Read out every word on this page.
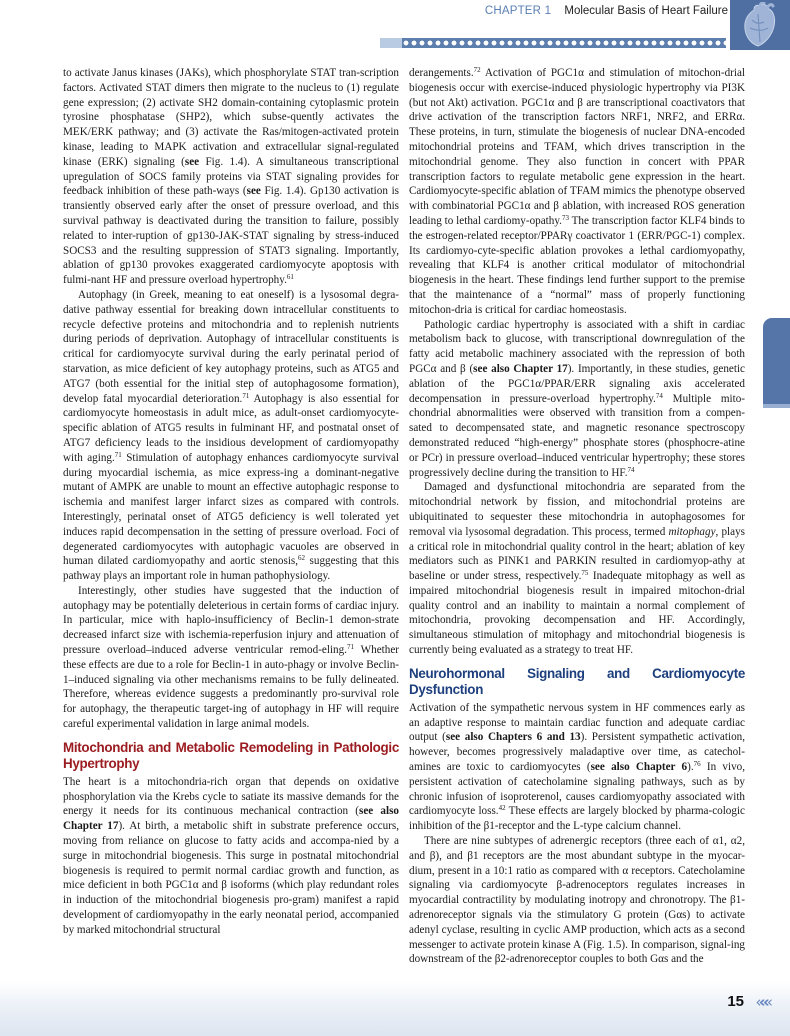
CHAPTER 1 Molecular Basis of Heart Failure

to activate Janus kinases (JAKs), which phosphorylate STAT tran-scription factors. Activated STAT dimers then migrate to the nucleus to (1) regulate gene expression; (2) activate SH2 domain-containing cytoplasmic protein tyrosine phosphatase (SHP2), which subse-quently activates the MEK/ERK pathway; and (3) activate the Ras/mitogen-activated protein kinase, leading to MAPK activation and extracellular signal-regulated kinase (ERK) signaling (see Fig. 1.4). A simultaneous transcriptional upregulation of SOCS family proteins via STAT signaling provides for feedback inhibition of these path-ways (see Fig. 1.4). Gp130 activation is transiently observed early after the onset of pressure overload, and this survival pathway is deactivated during the transition to failure, possibly related to inter-ruption of gp130-JAK-STAT signaling by stress-induced SOCS3 and the resulting suppression of STAT3 signaling. Importantly, ablation of gp130 provokes exaggerated cardiomyocyte apoptosis with fulmi-nant HF and pressure overload hypertrophy.$^{61}$

Autophagy (in Greek, meaning to eat oneself) is a lysosomal degra-dative pathway essential for breaking down intracellular constituents to recycle defective proteins and mitochondria and to replenish nutrients during periods of deprivation. Autophagy of intracellular constituents is critical for cardiomyocyte survival during the early perinatal period of starvation, as mice deficient of key autophagy proteins, such as ATG5 and ATG7 (both essential for the initial step of autophagosome formation), develop fatal myocardial deterioration.$^{71}$ Autophagy is also essential for cardiomyocyte homeostasis in adult mice, as adult-onset cardiomyocyte-specific ablation of ATG5 results in fulminant HF, and postnatal onset of ATG7 deficiency leads to the insidious development of cardiomyopathy with aging.$^{71}$ Stimulation of autophagy enhances cardiomyocyte survival during myocardial ischemia, as mice express-ing a dominant-negative mutant of AMPK are unable to mount an effective autophagic response to ischemia and manifest larger infarct sizes as compared with controls. Interestingly, perinatal onset of ATG5 deficiency is well tolerated yet induces rapid decompensation in the setting of pressure overload. Foci of degenerated cardiomyocytes with autophagic vacuoles are observed in human dilated cardiomyopathy and aortic stenosis,$^{62}$ suggesting that this pathway plays an important role in human pathophysiology.

Interestingly, other studies have suggested that the induction of autophagy may be potentially deleterious in certain forms of cardiac injury. In particular, mice with haplo-insufficiency of Beclin-1 demon-strate decreased infarct size with ischemia-reperfusion injury and attenuation of pressure overload–induced adverse ventricular remod-eling.$^{71}$ Whether these effects are due to a role for Beclin-1 in auto-phagy or involve Beclin-1–induced signaling via other mechanisms remains to be fully delineated. Therefore, whereas evidence suggests a predominantly pro-survival role for autophagy, the therapeutic target-ing of autophagy in HF will require careful experimental validation in large animal models.

Mitochondria and Metabolic Remodeling in Pathologic Hypertrophy

The heart is a mitochondria-rich organ that depends on oxidative phosphorylation via the Krebs cycle to satiate its massive demands for the energy it needs for its continuous mechanical contraction (see also Chapter 17). At birth, a metabolic shift in substrate preference occurs, moving from reliance on glucose to fatty acids and accompa-nied by a surge in mitochondrial biogenesis. This surge in postnatal mitochondrial biogenesis is required to permit normal cardiac growth and function, as mice deficient in both PGC1α and β isoforms (which play redundant roles in induction of the mitochondrial biogenesis pro-gram) manifest a rapid development of cardiomyopathy in the early neonatal period, accompanied by marked mitochondrial structural

derangements.$^{72}$ Activation of PGC1α and stimulation of mitochon-drial biogenesis occur with exercise-induced physiologic hypertrophy via PI3K (but not Akt) activation. PGC1α and β are transcriptional coactivators that drive activation of the transcription factors NRF1, NRF2, and ERRα. These proteins, in turn, stimulate the biogenesis of nuclear DNA-encoded mitochondrial proteins and TFAM, which drives transcription in the mitochondrial genome. They also function in concert with PPAR transcription factors to regulate metabolic gene expression in the heart. Cardiomyocyte-specific ablation of TFAM mimics the phenotype observed with combinatorial PGC1α and β ablation, with increased ROS generation leading to lethal cardiomy-opathy.$^{73}$ The transcription factor KLF4 binds to the estrogen-related receptor/PPARγ coactivator 1 (ERR/PGC-1) complex. Its cardiomyo-cyte-specific ablation provokes a lethal cardiomyopathy, revealing that KLF4 is another critical modulator of mitochondrial biogenesis in the heart. These findings lend further support to the premise that the maintenance of a “normal” mass of properly functioning mitochon-dria is critical for cardiac homeostasis.

Pathologic cardiac hypertrophy is associated with a shift in cardiac metabolism back to glucose, with transcriptional downregulation of the fatty acid metabolic machinery associated with the repression of both PGCα and β (see also Chapter 17). Importantly, in these studies, genetic ablation of the PGC1α/PPAR/ERR signaling axis accelerated decompensation in pressure-overload hypertrophy.$^{74}$ Multiple mito-chondrial abnormalities were observed with transition from a compen-sated to decompensated state, and magnetic resonance spectroscopy demonstrated reduced “high-energy” phosphate stores (phosphocre-atine or PCr) in pressure overload–induced ventricular hypertrophy; these stores progressively decline during the transition to HF.$^{74}$

Damaged and dysfunctional mitochondria are separated from the mitochondrial network by fission, and mitochondrial proteins are ubiquitinated to sequester these mitochondria in autophagosomes for removal via lysosomal degradation. This process, termed mitophagy, plays a critical role in mitochondrial quality control in the heart; ablation of key mediators such as PINK1 and PARKIN resulted in cardiomyop-athy at baseline or under stress, respectively.$^{75}$ Inadequate mitophagy as well as impaired mitochondrial biogenesis result in impaired mitochon-drial quality control and an inability to maintain a normal complement of mitochondria, provoking decompensation and HF. Accordingly, simultaneous stimulation of mitophagy and mitochondrial biogenesis is currently being evaluated as a strategy to treat HF.

Neurohormonal Signaling and Cardiomyocyte Dysfunction

Activation of the sympathetic nervous system in HF commences early as an adaptive response to maintain cardiac function and adequate cardiac output (see also Chapters 6 and 13). Persistent sympathetic activation, however, becomes progressively maladaptive over time, as catechol-amines are toxic to cardiomyocytes (see also Chapter 6).$^{76}$ In vivo, persistent activation of catecholamine signaling pathways, such as by chronic infusion of isoproterenol, causes cardiomyopathy associated with cardiomyocyte loss.$^{42}$ These effects are largely blocked by pharma-cologic inhibition of the β1-receptor and the L-type calcium channel.

There are nine subtypes of adrenergic receptors (three each of α1, α2, and β), and β1 receptors are the most abundant subtype in the myocar-dium, present in a 10:1 ratio as compared with α receptors. Catecholamine signaling via cardiomyocyte β-adrenoceptors regulates increases in myocardial contractility by modulating inotropy and chronotropy. The β1-adrenoreceptor signals via the stimulatory G protein (Gαs) to activate adenyl cyclase, resulting in cyclic AMP production, which acts as a second messenger to activate protein kinase A (Fig. 1.5). In comparison, signal-ing downstream of the β2-adrenoreceptor couples to both Gαs and the

15 «««
